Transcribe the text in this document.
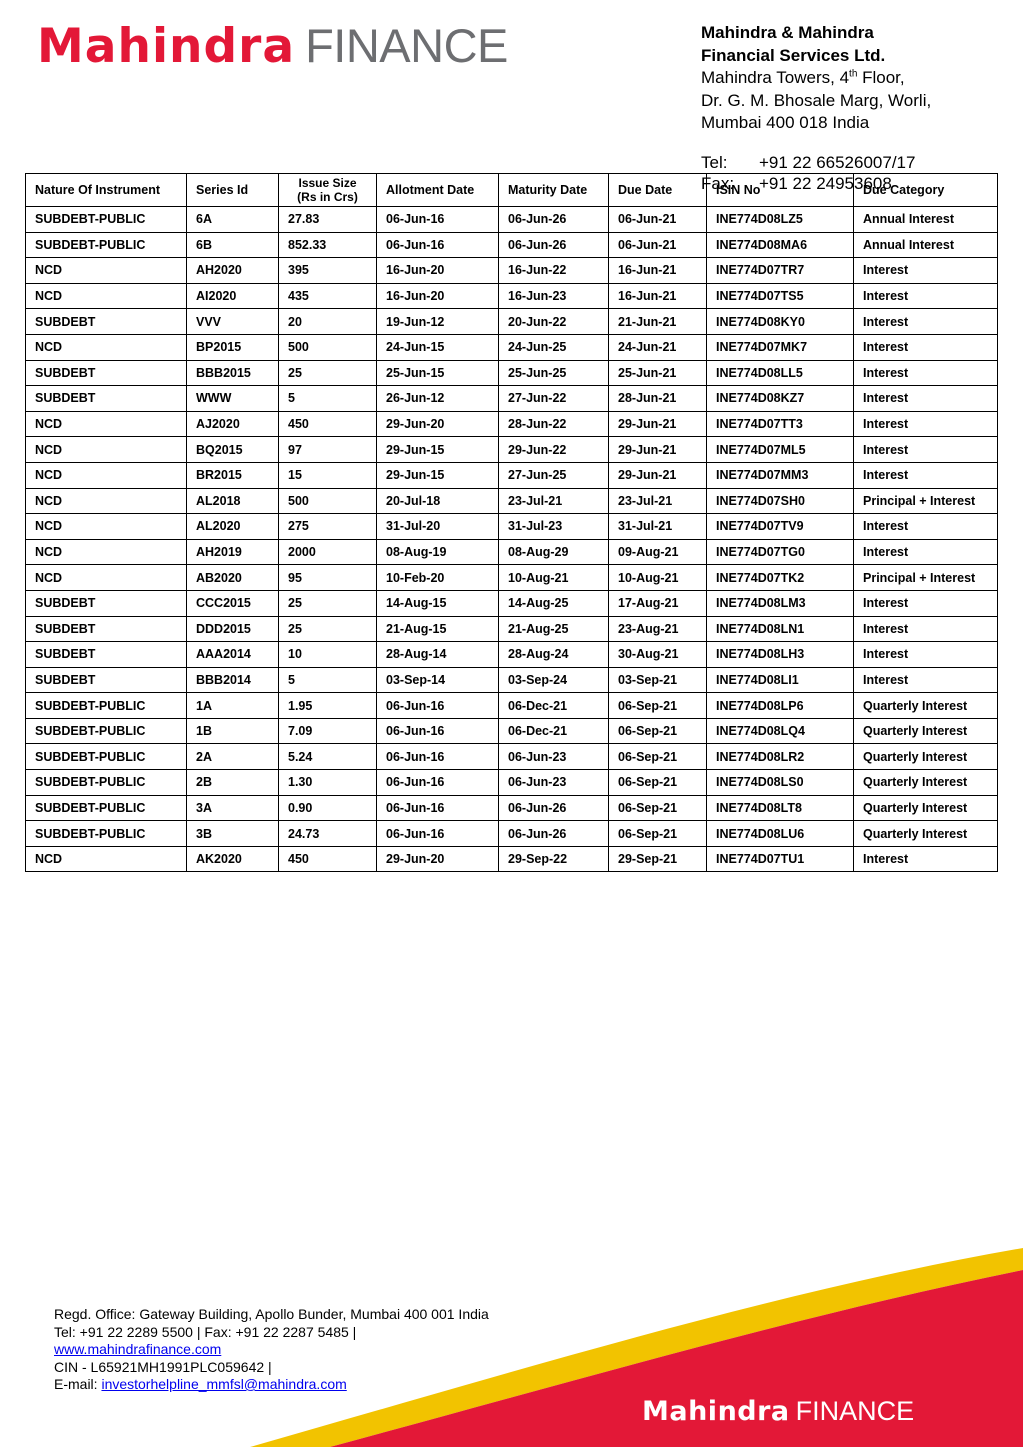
Mahindra FINANCE	Mahindra & Mahindra
Financial Services Ltd.
Mahindra Towers, 4th Floor,
Dr. G. M. Bhosale Marg, Worli,
Mumbai 400 018 India
Tel: +91 22 66526007/17
Nature Of Instrument	Series Id	Issue Size
(Rs in Crs)	Allotment Date	Maturity Date	Due Date	ISIN No	Due Category
SUBDEBT-PUBLIC	6A	27.83	06-Jun-16	06-Jun-26	06-Jun-21	INE774D08LZ5	Annual Interest
SUBDEBT-PUBLIC	6B	852.33	06-Jun-16	06-Jun-26	06-Jun-21	INE774D08MA6	Annual Interest
NCD	AH2020	395	16-Jun-20	16-Jun-22	16-Jun-21	INE774D07TR7	Interest
NCD	AI2020	435	16-Jun-20	16-Jun-23	16-Jun-21	INE774D07TS5	Interest
SUBDEBT	VVV	20	19-Jun-12	20-Jun-22	21-Jun-21	INE774D08KY0	Interest
NCD	BP2015	500	24-Jun-15	24-Jun-25	24-Jun-21	INE774D07MK7	Interest
SUBDEBT	BBB2015	25	25-Jun-15	25-Jun-25	25-Jun-21	INE774D08LL5	Interest
SUBDEBT	WWW	5	26-Jun-12	27-Jun-22	28-Jun-21	INE774D08KZ7	Interest
NCD	AJ2020	450	29-Jun-20	28-Jun-22	29-Jun-21	INE774D07TT3	Interest
NCD	BQ2015	97	29-Jun-15	29-Jun-22	29-Jun-21	INE774D07ML5	Interest
NCD	BR2015	15	29-Jun-15	27-Jun-25	29-Jun-21	INE774D07MM3	Interest
NCD	AL2018	500	20-Jul-18	23-Jul-21	23-Jul-21	INE774D07SH0	Principal + Interest
NCD	AL2020	275	31-Jul-20	31-Jul-23	31-Jul-21	INE774D07TV9	Interest
NCD	AH2019	2000	08-Aug-19	08-Aug-29	09-Aug-21	INE774D07TG0	Interest
NCD	AB2020	95	10-Feb-20	10-Aug-21	10-Aug-21	INE774D07TK2	Principal + Interest
SUBDEBT	CCC2015	25	14-Aug-15	14-Aug-25	17-Aug-21	INE774D08LM3	Interest
SUBDEBT	DDD2015	25	21-Aug-15	21-Aug-25	23-Aug-21	INE774D08LN1	Interest
SUBDEBT	AAA2014	10	28-Aug-14	28-Aug-24	30-Aug-21	INE774D08LH3	Interest
SUBDEBT	BBB2014	5	03-Sep-14	03-Sep-24	03-Sep-21	INE774D08LI1	Interest
SUBDEBT-PUBLIC	1A	1.95	06-Jun-16	06-Dec-21	06-Sep-21	INE774D08LP6	Quarterly Interest
SUBDEBT-PUBLIC	1B	7.09	06-Jun-16	06-Dec-21	06-Sep-21	INE774D08LQ4	Quarterly Interest
SUBDEBT-PUBLIC	2A	5.24	06-Jun-16	06-Jun-23	06-Sep-21	INE774D08LR2	Quarterly Interest
SUBDEBT-PUBLIC	2B	1.30	06-Jun-16	06-Jun-23	06-Sep-21	INE774D08LS0	Quarterly Interest
SUBDEBT-PUBLIC	3A	0.90	06-Jun-16	06-Jun-26	06-Sep-21	INE774D08LT8	Quarterly Interest
SUBDEBT-PUBLIC	3B	24.73	06-Jun-16	06-Jun-26	06-Sep-21	INE774D08LU6	Quarterly Interest
NCD	AK2020	450	29-Jun-20	29-Sep-22	29-Sep-21	INE774D07TU1	Interest
Fax: +91 22 24953608
Mahindra FINANCE
Regd. Office: Gateway Building, Apollo Bunder, Mumbai 400 001 India
Tel: +91 22 2289 5500 | Fax: +91 22 2287 5485 |
www.mahindrafinance.com
CIN - L65921MH1991PLC059642 |
E-mail: investorhelpline_mmfsl@mahindra.com
